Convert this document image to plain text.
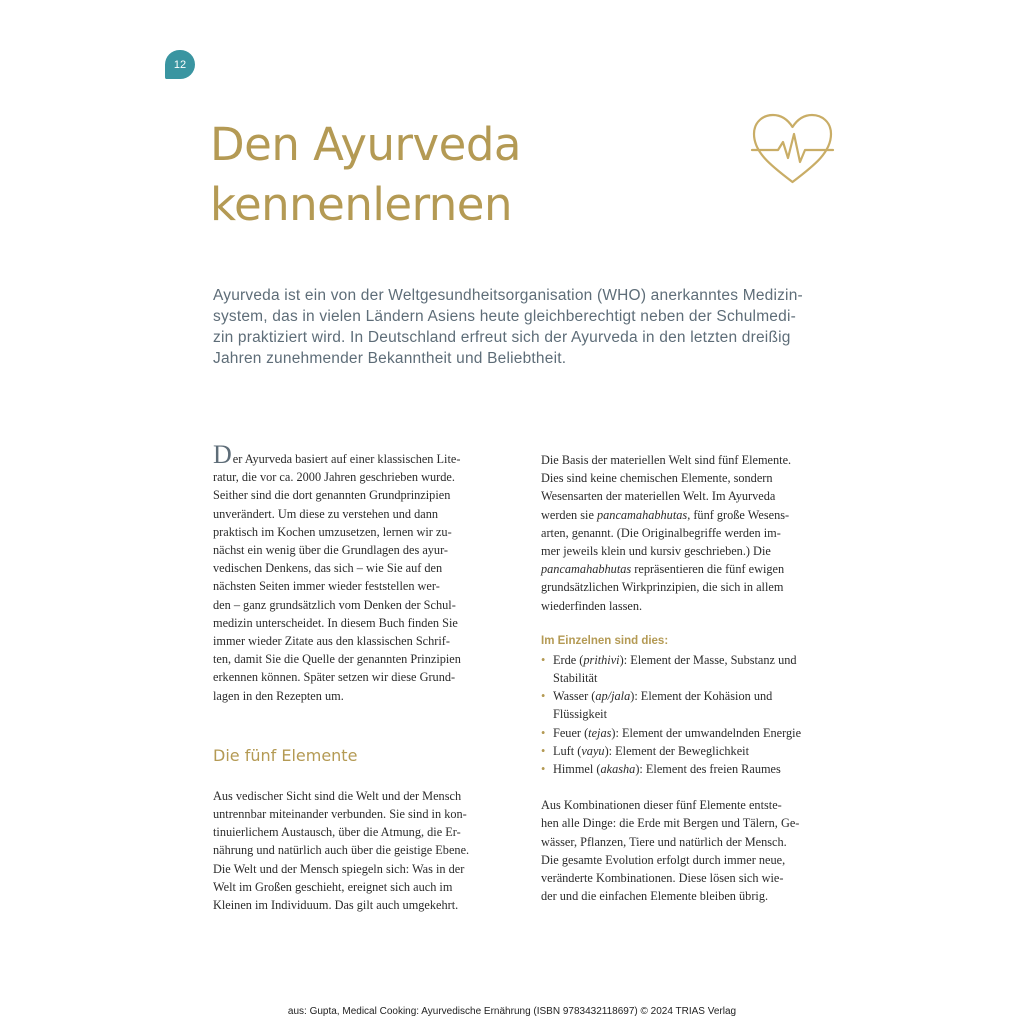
12
Den Ayurveda
kennenlernen

Ayurveda ist ein von der Weltgesundheitsorganisation (WHO) anerkanntes Medizin-
system, das in vielen Ländern Asiens heute gleichberechtigt neben der Schulmedi-
zin praktiziert wird. In Deutschland erfreut sich der Ayurveda in den letzten dreißig
Jahren zunehmender Bekanntheit und Beliebtheit.

Der Ayurveda basiert auf einer klassischen Lite-
ratur, die vor ca. 2000 Jahren geschrieben wurde.
Seither sind die dort genannten Grundprinzipien
unverändert. Um diese zu verstehen und dann
praktisch im Kochen umzusetzen, lernen wir zu-
nächst ein wenig über die Grundlagen des ayur-
vedischen Denkens, das sich – wie Sie auf den
nächsten Seiten immer wieder feststellen wer-
den – ganz grundsätzlich vom Denken der Schul-
medizin unterscheidet. In diesem Buch finden Sie
immer wieder Zitate aus den klassischen Schrif-
ten, damit Sie die Quelle der genannten Prinzipien
erkennen können. Später setzen wir diese Grund-
lagen in den Rezepten um.

Die fünf Elemente

Aus vedischer Sicht sind die Welt und der Mensch
untrennbar miteinander verbunden. Sie sind in kon-
tinuierlichem Austausch, über die Atmung, die Er-
nährung und natürlich auch über die geistige Ebene.
Die Welt und der Mensch spiegeln sich: Was in der
Welt im Großen geschieht, ereignet sich auch im
Kleinen im Individuum. Das gilt auch umgekehrt.

Die Basis der materiellen Welt sind fünf Elemente.
Dies sind keine chemischen Elemente, sondern
Wesensarten der materiellen Welt. Im Ayurveda
werden sie pancamahabhutas, fünf große Wesens-
arten, genannt. (Die Originalbegriffe werden im-
mer jeweils klein und kursiv geschrieben.) Die
pancamahabhutas repräsentieren die fünf ewigen
grundsätzlichen Wirkprinzipien, die sich in allem
wiederfinden lassen.

Im Einzelnen sind dies:
• Erde (prithivi): Element der Masse, Substanz und
Stabilität
• Wasser (ap/jala): Element der Kohäsion und
Flüssigkeit
• Feuer (tejas): Element der umwandelnden Energie
• Luft (vayu): Element der Beweglichkeit
• Himmel (akasha): Element des freien Raumes

Aus Kombinationen dieser fünf Elemente entste-
hen alle Dinge: die Erde mit Bergen und Tälern, Ge-
wässer, Pflanzen, Tiere und natürlich der Mensch.
Die gesamte Evolution erfolgt durch immer neue,
veränderte Kombinationen. Diese lösen sich wie-
der und die einfachen Elemente bleiben übrig.

aus: Gupta, Medical Cooking: Ayurvedische Ernährung (ISBN 9783432118697) © 2024 TRIAS Verlag
